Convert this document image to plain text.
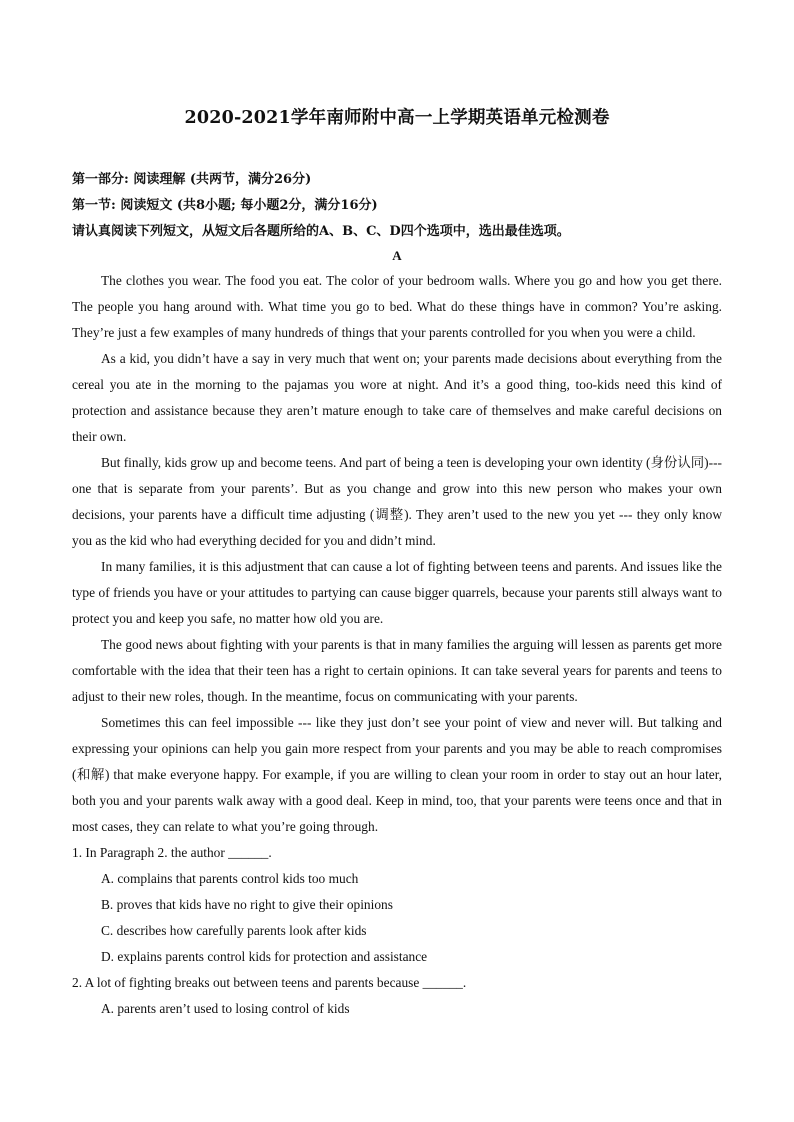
2020-2021学年南师附中高一上学期英语单元检测卷
第一部分: 阅读理解 (共两节，满分26分)
第一节: 阅读短文 (共8小题; 每小题2分，满分16分)
请认真阅读下列短文，从短文后各题所给的A、B、C、D四个选项中，选出最佳选项。
A

The clothes you wear. The food you eat. The color of your bedroom walls. Where you go and how you get there. The people you hang around with. What time you go to bed. What do these things have in common? You’re asking. They’re just a few examples of many hundreds of things that your parents controlled for you when you were a child.

As a kid, you didn’t have a say in very much that went on; your parents made decisions about everything from the cereal you ate in the morning to the pajamas you wore at night. And it’s a good thing, too-kids need this kind of protection and assistance because they aren’t mature enough to take care of themselves and make careful decisions on their own.

But finally, kids grow up and become teens. And part of being a teen is developing your own identity (身份认同)---one that is separate from your parents’. But as you change and grow into this new person who makes your own decisions, your parents have a difficult time adjusting (调整). They aren’t used to the new you yet --- they only know you as the kid who had everything decided for you and didn’t mind.

In many families, it is this adjustment that can cause a lot of fighting between teens and parents. And issues like the type of friends you have or your attitudes to partying can cause bigger quarrels, because your parents still always want to protect you and keep you safe, no matter how old you are.

The good news about fighting with your parents is that in many families the arguing will lessen as parents get more comfortable with the idea that their teen has a right to certain opinions. It can take several years for parents and teens to adjust to their new roles, though. In the meantime, focus on communicating with your parents.

Sometimes this can feel impossible --- like they just don’t see your point of view and never will. But talking and expressing your opinions can help you gain more respect from your parents and you may be able to reach compromises (和解) that make everyone happy. For example, if you are willing to clean your room in order to stay out an hour later, both you and your parents walk away with a good deal. Keep in mind, too, that your parents were teens once and that in most cases, they can relate to what you’re going through.

1. In Paragraph 2. the author ______.

A. complains that parents control kids too much

B. proves that kids have no right to give their opinions

C. describes how carefully parents look after kids

D. explains parents control kids for protection and assistance

2. A lot of fighting breaks out between teens and parents because ______.

A. parents aren’t used to losing control of kids
